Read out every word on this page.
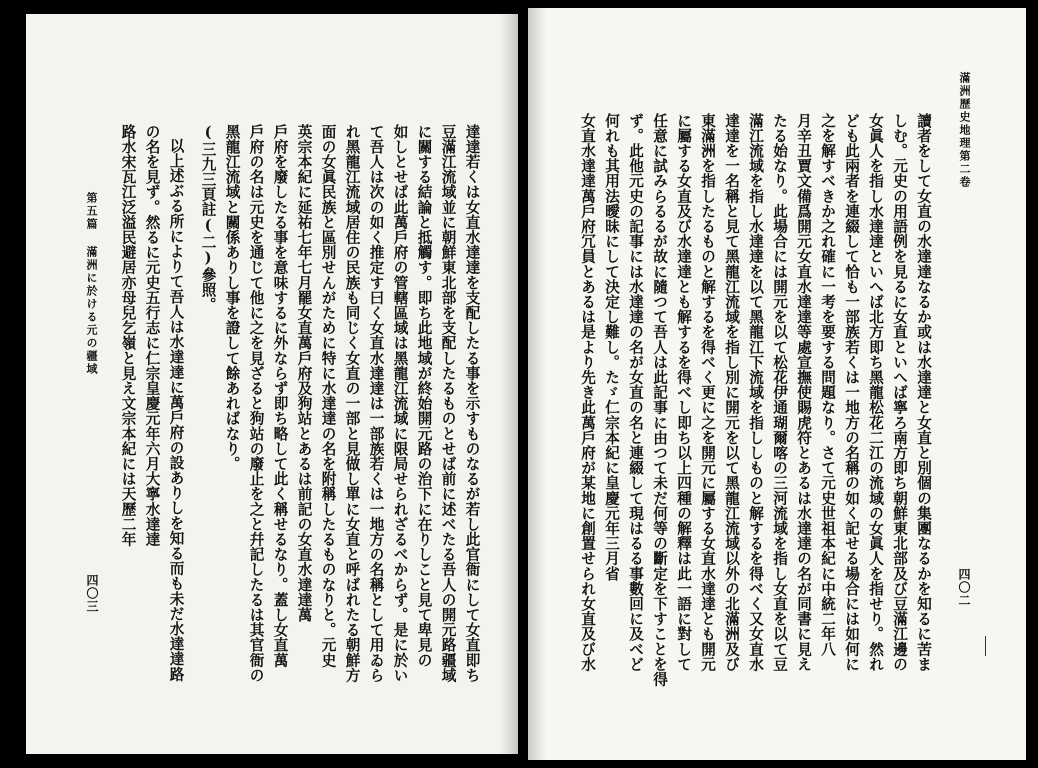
滿洲歷史地理第二卷
四〇二
讀者をして女直の水達達なるか或は水達達と女直と別個の集團なるかを知るに苦ま
しむ。元史の用語例を見るに女直といへば寧ろ南方即ち朝鮮東北部及び豆滿江邊の
女眞人を指し水達達といへば北方即ち黑龍松花二江の流域の女眞人を指せり。然れ
ども此兩者を連綴して恰も一部族若くは一地方の名稱の如く記せる場合には如何に
之を解すべきか之れ確に一考を要する問題なり。さて元史世祖本紀に中統二年八
月辛丑賈文備爲開元女直水達達等處宣撫使賜虎符とあるは水達達の名が同書に見え
たる始なり。此場合には開元を以て松花伊通瑚爾喀の三河流域を指し女直を以て豆
滿江流域を指し水達達を以て黑龍江下流域を指ししものと解するを得べく又女直水
達達を一名稱と見て黑龍江流域を指し別に開元を以て黑龍江流域以外の北滿洲及び
東滿洲を指したるものと解するを得べく更に之を開元に屬する女直水達達とも開元
に屬する女直及び水達達とも解するを得べし即ち以上四種の解釋は此一語に對して
任意に試みらるるが故に隨つて吾人は此記事に由つて未だ何等の斷定を下すことを得
ず。此他元史の記事には水達達の名が女直の名と連綴して現はるる事數回に及べど
何れも其用法曖昧にして決定し難し。たゞ仁宗本紀に皇慶元年三月省
女直水達達萬戶府冗員とあるは是より先き此萬戶府が某地に創置せられ女直及び水
達達若くは女直水達達を支配したる事を示すものなるが若し此官衙にして女直即ち
豆滿江流域並に朝鮮東北部を支配したるものとせば前に述べたる吾人の開元路疆域
に關する結論と抵觸す。即ち此地域が終始開元路の治下に在りしこと見て卑見の
如しとせば此萬戶府の管轄區域は黑龍江流域に限局せられざるべからず。是に於い
て吾人は次の如く推定す曰く女直水達達は一部族若くは一地方の名稱として用ゐら
れ黑龍江流域居住の民族も同じく女直の一部と見做し單に女直と呼ばれたる朝鮮方
面の女眞民族と區別せんがために特に水達達の名を附稱したるものなりと。元史
英宗本紀に延祐七年七月罷女直萬戶府及狗站とあるは前記の女直水達達萬
戶府を廢したる事を意味するに外ならず即ち略して此く稱せるなり。蓋し女直萬
戶府の名は元史を通じて他に之を見ざると狗站の廢止を之と幷記したるは其官衙の
黑龍江流域と關係ありし事を證して餘あればなり。
(三九三頁註(二)參照。
以上述ぶる所によりて吾人は水達達に萬戶府の設ありしを知る而も未だ水達達路
の名を見ず。然るに元史五行志に仁宗皇慶元年六月大寧水達達
路水宋瓦江泛溢民避居亦母兒乞嶺と見え文宗本紀には天歷二年
第五篇 滿洲に於ける元の疆域
四〇三
